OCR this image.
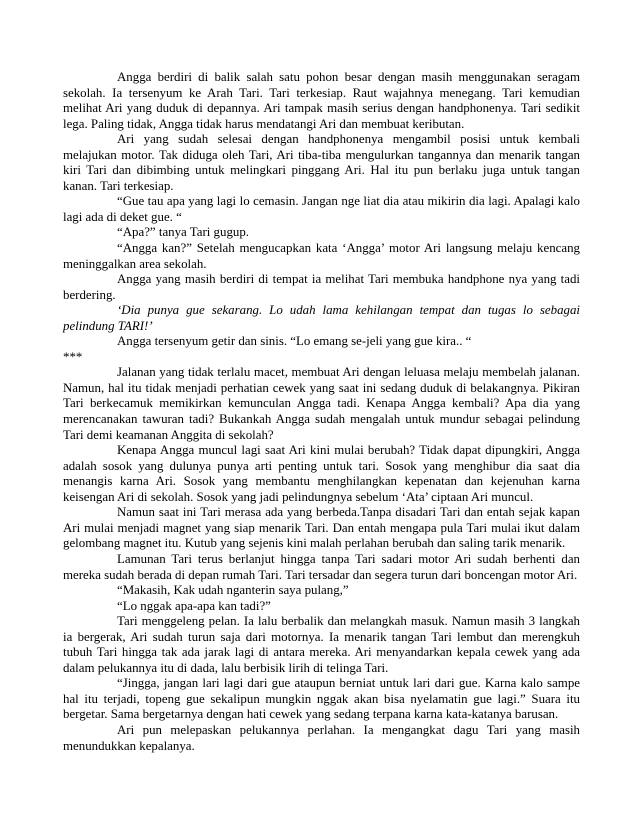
Angga berdiri di balik salah satu pohon besar dengan masih menggunakan seragam sekolah. Ia tersenyum ke Arah Tari. Tari terkesiap. Raut wajahnya menegang. Tari kemudian melihat Ari yang duduk di depannya. Ari tampak masih serius dengan handphonenya. Tari sedikit lega. Paling tidak, Angga tidak harus mendatangi Ari dan membuat keributan.

Ari yang sudah selesai dengan handphonenya mengambil posisi untuk kembali melajukan motor. Tak diduga oleh Tari, Ari tiba-tiba mengulurkan tangannya dan menarik tangan kiri Tari dan dibimbing untuk melingkari pinggang Ari. Hal itu pun berlaku juga untuk tangan kanan. Tari terkesiap.

“Gue tau apa yang lagi lo cemasin. Jangan nge liat dia atau mikirin dia lagi. Apalagi kalo lagi ada di deket gue. “

“Apa?” tanya Tari gugup.

“Angga kan?” Setelah mengucapkan kata ‘Angga’ motor Ari langsung melaju kencang meninggalkan area sekolah.

Angga yang masih berdiri di tempat ia melihat Tari membuka handphone nya yang tadi berdering.

‘Dia punya gue sekarang. Lo udah lama kehilangan tempat dan tugas lo sebagai pelindung TARI!’

Angga tersenyum getir dan sinis. “Lo emang se-jeli yang gue kira.. “

***

Jalanan yang tidak terlalu macet, membuat Ari dengan leluasa melaju membelah jalanan. Namun, hal itu tidak menjadi perhatian cewek yang saat ini sedang duduk di belakangnya. Pikiran Tari berkecamuk memikirkan kemunculan Angga tadi. Kenapa Angga kembali? Apa dia yang merencanakan tawuran tadi? Bukankah Angga sudah mengalah untuk mundur sebagai pelindung Tari demi keamanan Anggita di sekolah?

Kenapa Angga muncul lagi saat Ari kini mulai berubah? Tidak dapat dipungkiri, Angga adalah sosok yang dulunya punya arti penting untuk tari. Sosok yang menghibur dia saat dia menangis karna Ari. Sosok yang membantu menghilangkan kepenatan dan kejenuhan karna keisengan Ari di sekolah. Sosok yang jadi pelindungnya sebelum ‘Ata’ ciptaan Ari muncul.

Namun saat ini Tari merasa ada yang berbeda.Tanpa disadari Tari dan entah sejak kapan Ari mulai menjadi magnet yang siap menarik Tari. Dan entah mengapa pula Tari mulai ikut dalam gelombang magnet itu. Kutub yang sejenis kini malah perlahan berubah dan saling tarik menarik.

Lamunan Tari terus berlanjut hingga tanpa Tari sadari motor Ari sudah berhenti dan mereka sudah berada di depan rumah Tari. Tari tersadar dan segera turun dari boncengan motor Ari.

“Makasih, Kak udah nganterin saya pulang,”

“Lo nggak apa-apa kan tadi?”

Tari menggeleng pelan. Ia lalu berbalik dan melangkah masuk. Namun masih 3 langkah ia bergerak, Ari sudah turun saja dari motornya. Ia menarik tangan Tari lembut dan merengkuh tubuh Tari hingga tak ada jarak lagi di antara mereka. Ari menyandarkan kepala cewek yang ada dalam pelukannya itu di dada, lalu berbisik lirih di telinga Tari.

“Jingga, jangan lari lagi dari gue ataupun berniat untuk lari dari gue. Karna kalo sampe hal itu terjadi, topeng gue sekalipun mungkin nggak akan bisa nyelamatin gue lagi.” Suara itu bergetar. Sama bergetarnya dengan hati cewek yang sedang terpana karna kata-katanya barusan.

Ari pun melepaskan pelukannya perlahan. Ia mengangkat dagu Tari yang masih menundukkan kepalanya.
